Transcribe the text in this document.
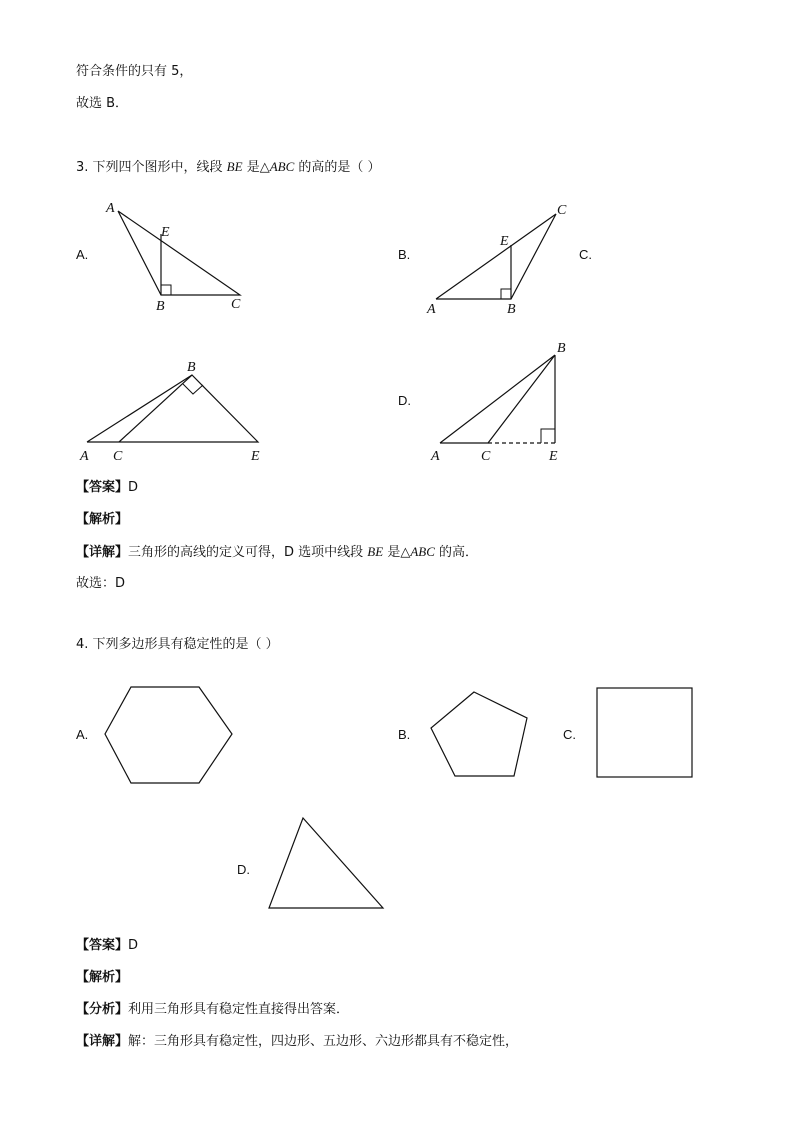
符合条件的只有 5，
故选 B．
3. 下列四个图形中，线段 BE 是△ABC 的高的是（ ）
A.
A
E
B	C
B.
C
E
A	B
C.
B
A C	E
D.
B
A	C	E
【答案】D
【解析】
【详解】三角形的高线的定义可得，D 选项中线段 BE 是△ABC 的高．
故选：D
4. 下列多边形具有稳定性的是（ ）
A.	B.	C.
D.
【答案】D
【解析】
【分析】利用三角形具有稳定性直接得出答案．
【详解】解：三角形具有稳定性，四边形、五边形、六边形都具有不稳定性，
